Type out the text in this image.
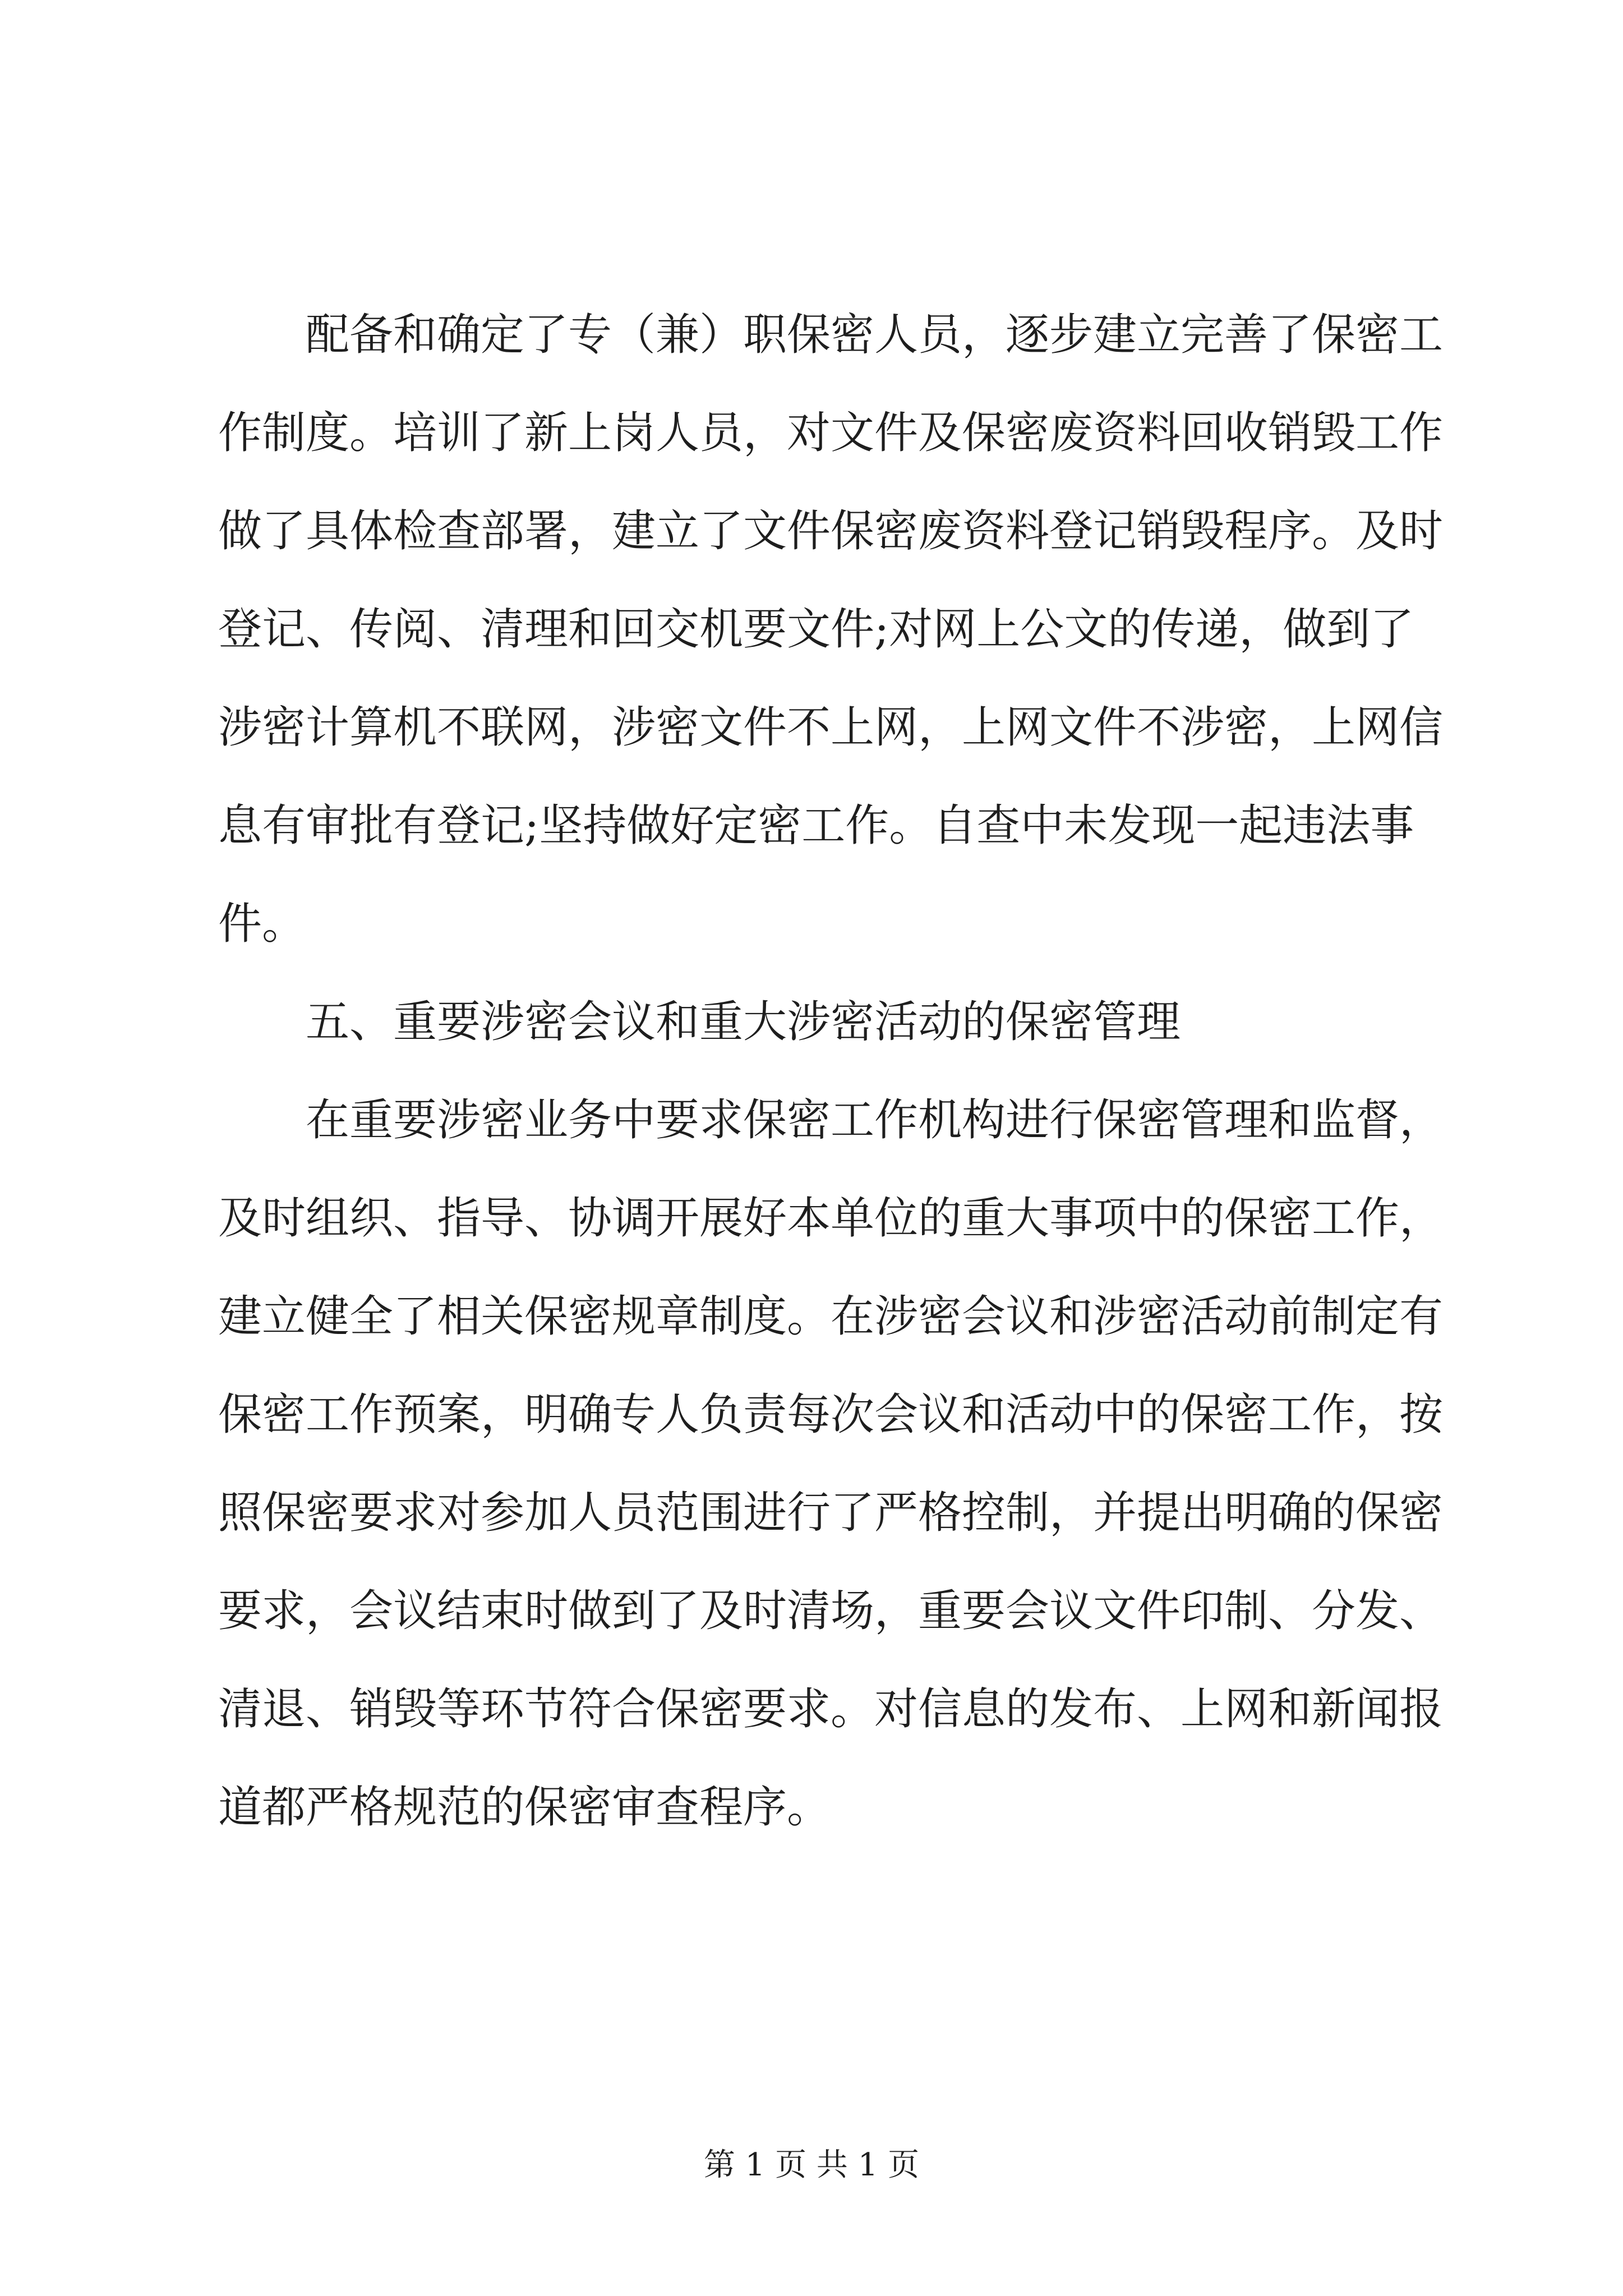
配备和确定了专（兼）职保密人员，逐步建立完善了保密工
作制度。培训了新上岗人员，对文件及保密废资料回收销毁工作
做了具体检查部署，建立了文件保密废资料登记销毁程序。及时
登记、传阅、清理和回交机要文件;对网上公文的传递，做到了
涉密计算机不联网，涉密文件不上网，上网文件不涉密，上网信
息有审批有登记;坚持做好定密工作。自查中未发现一起违法事
件。
五、重要涉密会议和重大涉密活动的保密管理
在重要涉密业务中要求保密工作机构进行保密管理和监督，
及时组织、指导、协调开展好本单位的重大事项中的保密工作，
建立健全了相关保密规章制度。在涉密会议和涉密活动前制定有
保密工作预案，明确专人负责每次会议和活动中的保密工作，按
照保密要求对参加人员范围进行了严格控制，并提出明确的保密
要求，会议结束时做到了及时清场，重要会议文件印制、分发、
清退、销毁等环节符合保密要求。对信息的发布、上网和新闻报
道都严格规范的保密审查程序。
第 1 页 共 1 页
